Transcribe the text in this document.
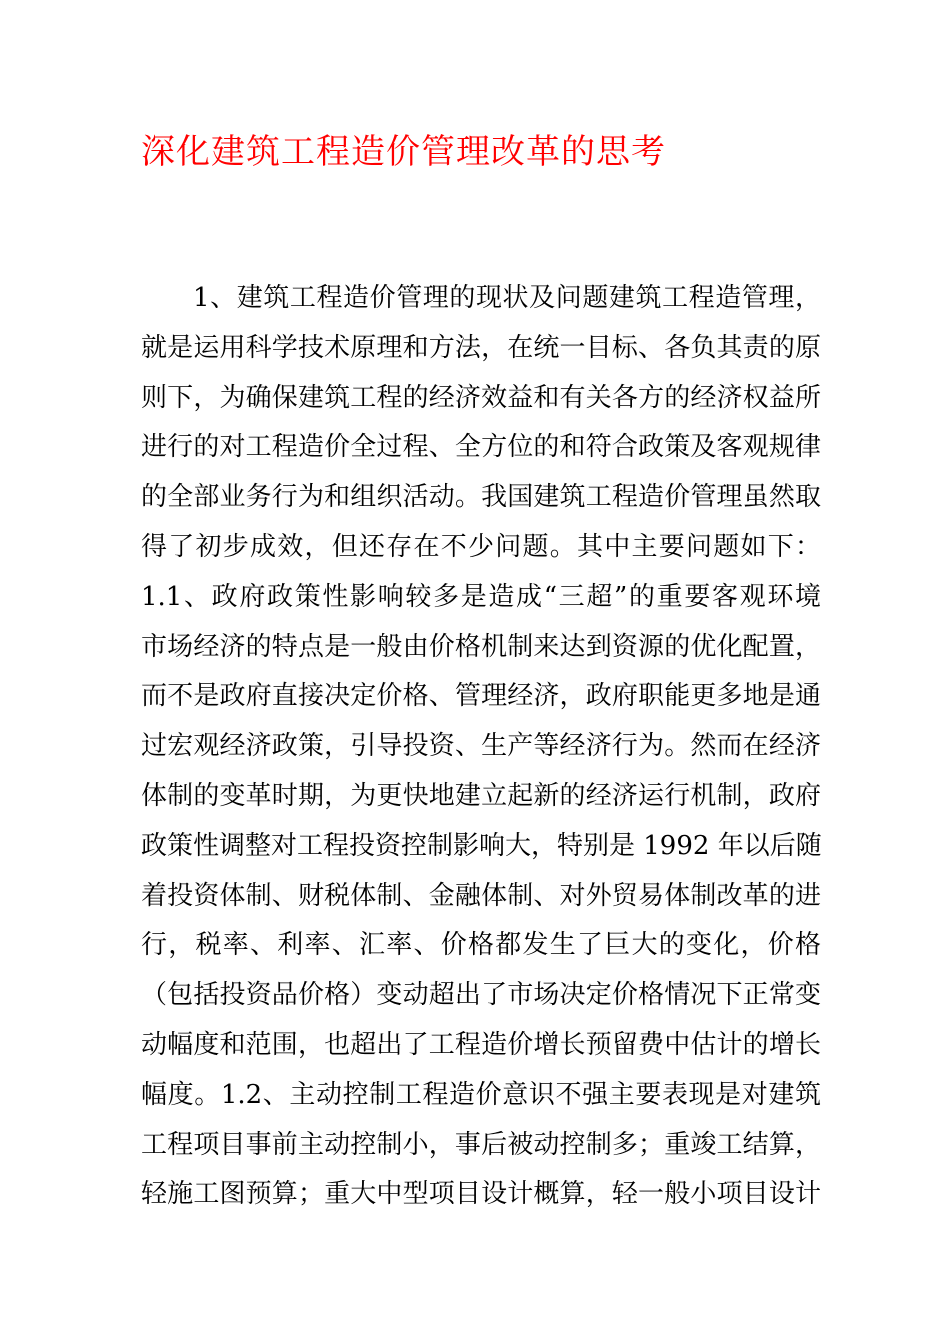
深化建筑工程造价管理改革的思考
1、建筑工程造价管理的现状及问题建筑工程造管理，
就是运用科学技术原理和方法，在统一目标、各负其责的原
则下，为确保建筑工程的经济效益和有关各方的经济权益所
进行的对工程造价全过程、全方位的和符合政策及客观规律
的全部业务行为和组织活动。我国建筑工程造价管理虽然取
得了初步成效，但还存在不少问题。其中主要问题如下：
1.1、政府政策性影响较多是造成“三超”的重要客观环境
市场经济的特点是一般由价格机制来达到资源的优化配置，
而不是政府直接决定价格、管理经济，政府职能更多地是通
过宏观经济政策，引导投资、生产等经济行为。然而在经济
体制的变革时期，为更快地建立起新的经济运行机制，政府
政策性调整对工程投资控制影响大，特别是 1992 年以后随
着投资体制、财税体制、金融体制、对外贸易体制改革的进
行，税率、利率、汇率、价格都发生了巨大的变化，价格
（包括投资品价格）变动超出了市场决定价格情况下正常变
动幅度和范围，也超出了工程造价增长预留费中估计的增长
幅度。1.2、主动控制工程造价意识不强主要表现是对建筑
工程项目事前主动控制小，事后被动控制多；重竣工结算，
轻施工图预算；重大中型项目设计概算，轻一般小项目设计
